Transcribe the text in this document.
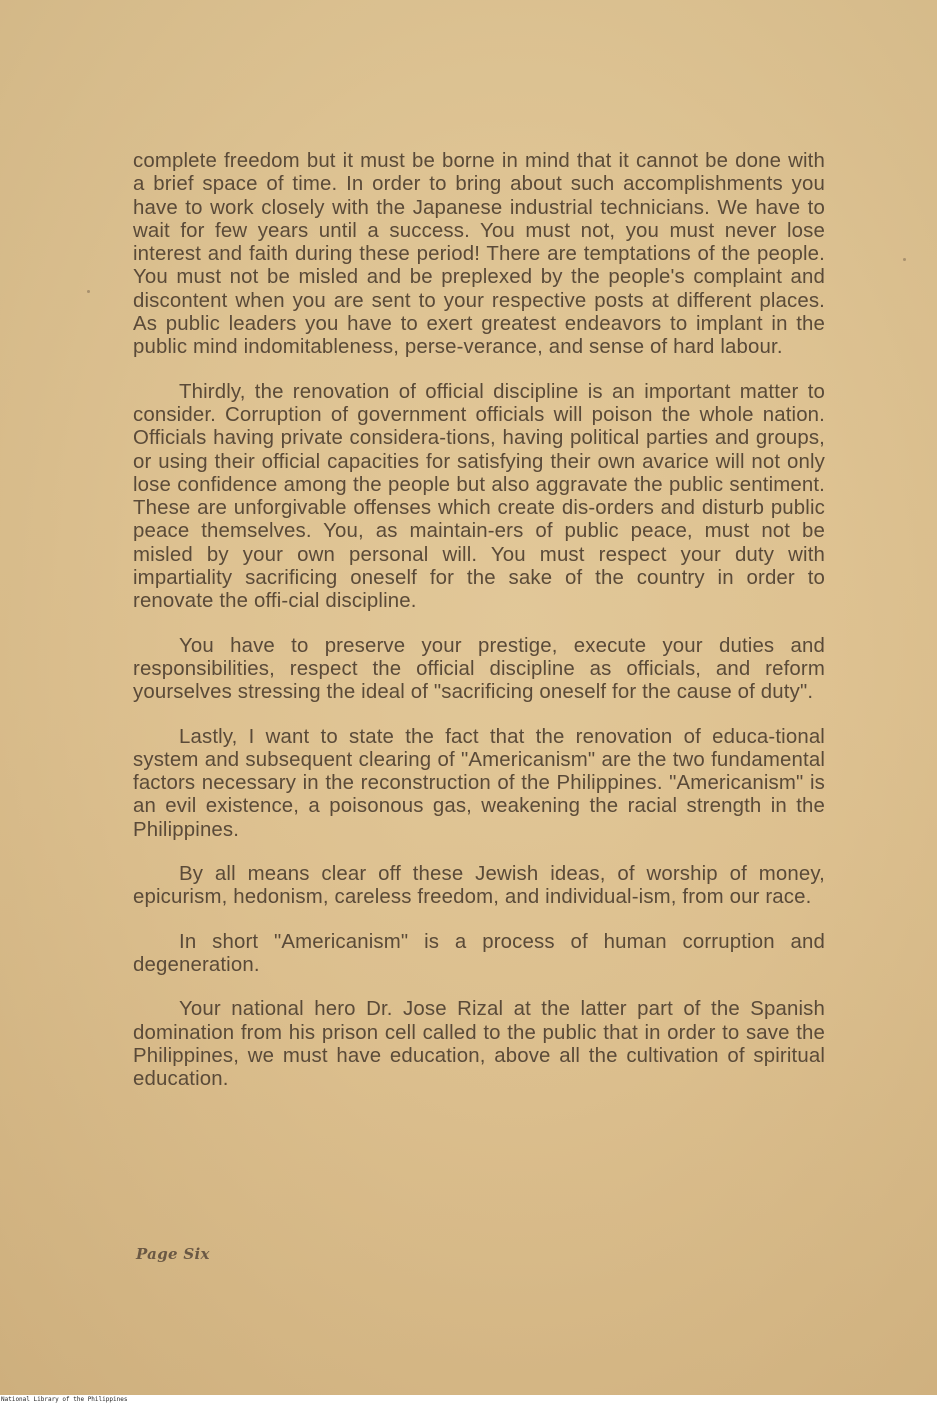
complete freedom but it must be borne in mind that it cannot be done with a brief space of time. In order to bring about such accomplishments you have to work closely with the Japanese industrial technicians. We have to wait for few years until a success. You must not, you must never lose interest and faith during these period! There are temptations of the people. You must not be misled and be preplexed by the people's complaint and discontent when you are sent to your respective posts at different places. As public leaders you have to exert greatest endeavors to implant in the public mind indomitableness, perse-verance, and sense of hard labour.

Thirdly, the renovation of official discipline is an important matter to consider. Corruption of government officials will poison the whole nation. Officials having private considera-tions, having political parties and groups, or using their official capacities for satisfying their own avarice will not only lose confidence among the people but also aggravate the public sentiment. These are unforgivable offenses which create dis-orders and disturb public peace themselves. You, as maintain-ers of public peace, must not be misled by your own personal will. You must respect your duty with impartiality sacrificing oneself for the sake of the country in order to renovate the offi-cial discipline.

You have to preserve your prestige, execute your duties and responsibilities, respect the official discipline as officials, and reform yourselves stressing the ideal of "sacrificing oneself for the cause of duty".

Lastly, I want to state the fact that the renovation of educa-tional system and subsequent clearing of "Americanism" are the two fundamental factors necessary in the reconstruction of the Philippines. "Americanism" is an evil existence, a poisonous gas, weakening the racial strength in the Philippines.

By all means clear off these Jewish ideas, of worship of money, epicurism, hedonism, careless freedom, and individual-ism, from our race.

In short "Americanism" is a process of human corruption and degeneration.

Your national hero Dr. Jose Rizal at the latter part of the Spanish domination from his prison cell called to the public that in order to save the Philippines, we must have education, above all the cultivation of spiritual education.

Page Six
National Library of the Philippines
